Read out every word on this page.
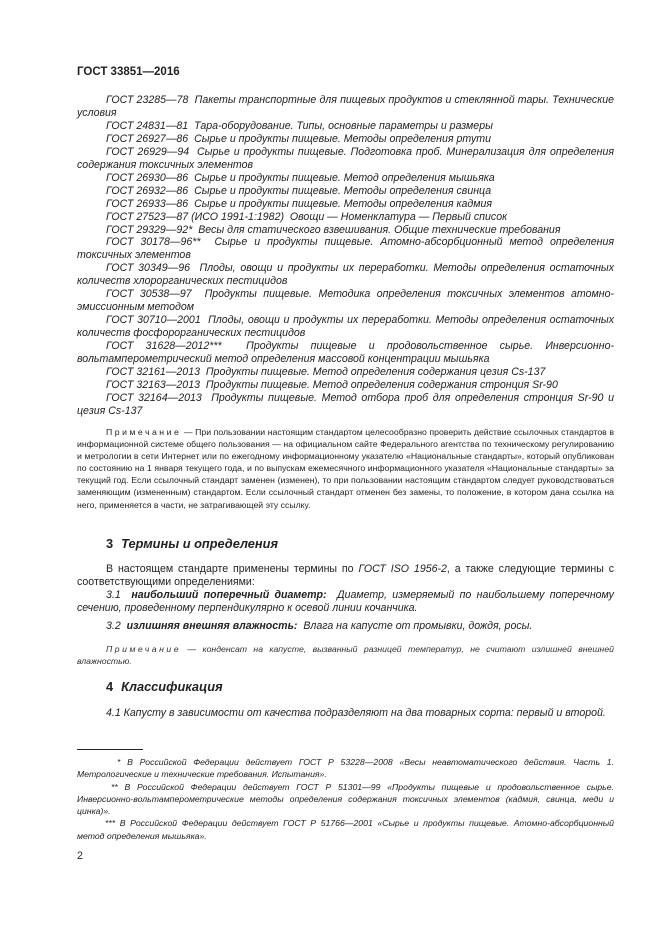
ГОСТ 33851—2016

ГОСТ 23285—78 Пакеты транспортные для пищевых продуктов и стеклянной тары. Технические условия

ГОСТ 24831—81 Тара-оборудование. Типы, основные параметры и размеры

ГОСТ 26927—86 Сырье и продукты пищевые. Методы определения ртути

ГОСТ 26929—94 Сырье и продукты пищевые. Подготовка проб. Минерализация для определения содержания токсичных элементов

ГОСТ 26930—86 Сырье и продукты пищевые. Метод определения мышьяка

ГОСТ 26932—86 Сырье и продукты пищевые. Методы определения свинца

ГОСТ 26933—86 Сырье и продукты пищевые. Методы определения кадмия

ГОСТ 27523—87 (ИСО 1991-1:1982) Овощи — Номенклатура — Первый список

ГОСТ 29329—92* Весы для статического взвешивания. Общие технические требования

ГОСТ 30178—96** Сырье и продукты пищевые. Атомно-абсорбционный метод определения токсичных элементов

ГОСТ 30349—96 Плоды, овощи и продукты их переработки. Методы определения остаточных количеств хлорорганических пестицидов

ГОСТ 30538—97 Продукты пищевые. Методика определения токсичных элементов атомно-эмиссионным методом

ГОСТ 30710—2001 Плоды, овощи и продукты их переработки. Методы определения остаточных количеств фосфорорганических пестицидов

ГОСТ 31628—2012*** Продукты пищевые и продовольственное сырье. Инверсионно-вольтамперометрический метод определения массовой концентрации мышьяка

ГОСТ 32161—2013 Продукты пищевые. Метод определения содержания цезия Cs-137

ГОСТ 32163—2013 Продукты пищевые. Метод определения содержания стронция Sr-90

ГОСТ 32164—2013 Продукты пищевые. Метод отбора проб для определения стронция Sr-90 и цезия Cs-137

Примечание — При пользовании настоящим стандартом целесообразно проверить действие ссылочных стандартов в информационной системе общего пользования — на официальном сайте Федерального агентства по техническому регулированию и метрологии в сети Интернет или по ежегодному информационному указателю «Национальные стандарты», который опубликован по состоянию на 1 января текущего года, и по выпускам ежемесячного информационного указателя «Национальные стандарты» за текущий год. Если ссылочный стандарт заменен (изменен), то при пользовании настоящим стандартом следует руководствоваться заменяющим (измененным) стандартом. Если ссылочный стандарт отменен без замены, то положение, в котором дана ссылка на него, применяется в части, не затрагивающей эту ссылку.

3 Термины и определения

В настоящем стандарте применены термины по ГОСТ ISO 1956-2, а также следующие термины с соответствующими определениями:

3.1 наибольший поперечный диаметр: Диаметр, измеряемый по наибольшему поперечному сечению, проведенному перпендикулярно к осевой линии кочанчика.

3.2 излишняя внешняя влажность: Влага на капусте от промывки, дождя, росы.

Примечание — конденсат на капусте, вызванный разницей температур, не считают излишней внешней влажностью.

4 Классификация

4.1 Капусту в зависимости от качества подразделяют на два товарных сорта: первый и второй.

* В Российской Федерации действует ГОСТ Р 53228—2008 «Весы неавтоматического действия. Часть 1. Метрологические и технические требования. Испытания».

** В Российской Федерации действует ГОСТ Р 51301—99 «Продукты пищевые и продовольственное сырье. Инверсионно-вольтамперометрические методы определения содержания токсичных элементов (кадмия, свинца, меди и цинка)».

*** В Российской Федерации действует ГОСТ Р 51766—2001 «Сырье и продукты пищевые. Атомно-абсорбционный метод определения мышьяка».

2
